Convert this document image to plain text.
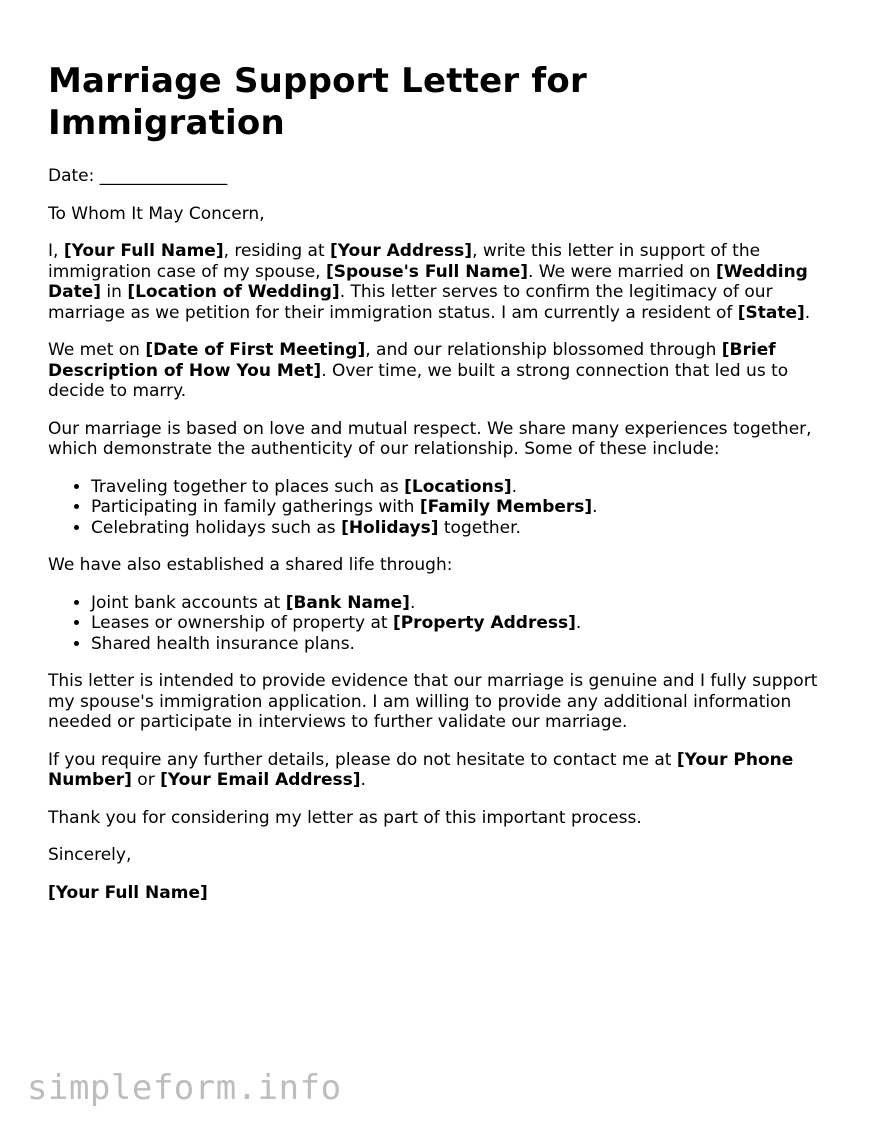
Marriage Support Letter for Immigration

Date: _______________

To Whom It May Concern,

I, [Your Full Name], residing at [Your Address], write this letter in support of the immigration case of my spouse, [Spouse's Full Name]. We were married on [Wedding Date] in [Location of Wedding]. This letter serves to confirm the legitimacy of our marriage as we petition for their immigration status. I am currently a resident of [State].

We met on [Date of First Meeting], and our relationship blossomed through [Brief Description of How You Met]. Over time, we built a strong connection that led us to decide to marry.

Our marriage is based on love and mutual respect. We share many experiences together, which demonstrate the authenticity of our relationship. Some of these include:

• Traveling together to places such as [Locations].
• Participating in family gatherings with [Family Members].
• Celebrating holidays such as [Holidays] together.

We have also established a shared life through:

• Joint bank accounts at [Bank Name].
• Leases or ownership of property at [Property Address].
• Shared health insurance plans.

This letter is intended to provide evidence that our marriage is genuine and I fully support my spouse's immigration application. I am willing to provide any additional information needed or participate in interviews to further validate our marriage.

If you require any further details, please do not hesitate to contact me at [Your Phone Number] or [Your Email Address].

Thank you for considering my letter as part of this important process.

Sincerely,

[Your Full Name]

simpleform.info
